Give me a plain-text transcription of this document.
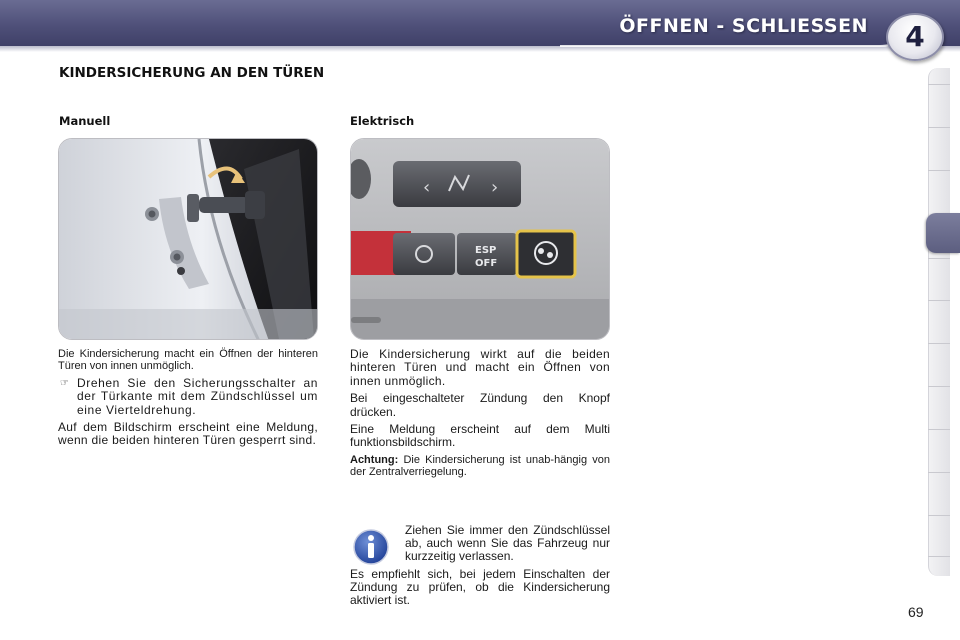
ÖFFNEN - SCHLIESSEN 4
KINDERSICHERUNG AN DEN TÜREN
Manuell	Elektrisch
‹	›
ESP
OFF

Die Kindersicherung macht ein Öffnen der hinteren Türen von innen unmöglich.

☞ Drehen Sie den Sicherungsschalter an der Türkante mit dem Zündschlüssel um eine Vierteldrehung.

Auf dem Bildschirm erscheint eine Meldung, wenn die beiden hinteren Türen gesperrt sind.

Die Kindersicherung wirkt auf die beiden hinteren Türen und macht ein Öffnen von innen unmöglich.

Bei eingeschalteter Zündung den Knopf drücken.

Eine Meldung erscheint auf dem Multi funktionsbildschirm.

Achtung: Die Kindersicherung ist unab-hängig von der Zentralverriegelung.

Ziehen Sie immer den Zündschlüssel ab, auch wenn Sie das Fahrzeug nur kurzzeitig verlassen.
Es empfiehlt sich, bei jedem Einschalten der Zündung zu prüfen, ob die Kindersicherung aktiviert ist.
69
